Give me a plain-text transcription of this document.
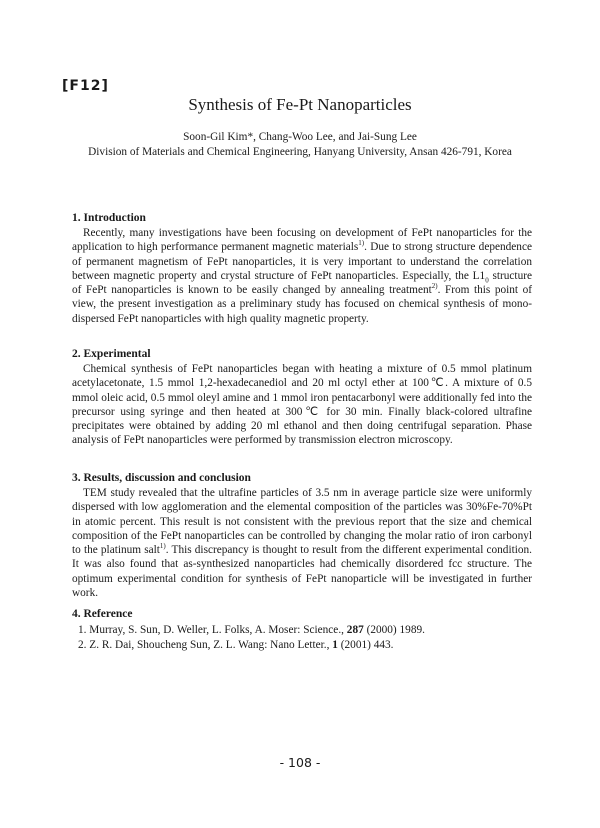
[F12]
Synthesis of Fe-Pt Nanoparticles
Soon-Gil Kim*, Chang-Woo Lee, and Jai-Sung Lee
Division of Materials and Chemical Engineering, Hanyang University, Ansan 426-791, Korea
1. Introduction

Recently, many investigations have been focusing on development of FePt nanoparticles for the application to high performance permanent magnetic materials$^{1)}$. Due to strong structure dependence of permanent magnetism of FePt nanoparticles, it is very important to understand the correlation between magnetic property and crystal structure of FePt nanoparticles. Especially, the $L1_0$ structure of FePt nanoparticles is known to be easily changed by annealing treatment$^{2)}$. From this point of view, the present investigation as a preliminary study has focused on chemical synthesis of mono-dispersed FePt nanoparticles with high quality magnetic property.

2. Experimental

Chemical synthesis of FePt nanoparticles began with heating a mixture of 0.5 mmol platinum acetylacetonate, 1.5 mmol 1,2-hexadecanediol and 20 ml octyl ether at 100℃. A mixture of 0.5 mmol oleic acid, 0.5 mmol oleyl amine and 1 mmol iron pentacarbonyl were additionally fed into the precursor using syringe and then heated at 300℃ for 30 min. Finally black-colored ultrafine precipitates were obtained by adding 20 ml ethanol and then doing centrifugal separation. Phase analysis of FePt nanoparticles were performed by transmission electron microscopy.

3. Results, discussion and conclusion

TEM study revealed that the ultrafine particles of 3.5 nm in average particle size were uniformly dispersed with low agglomeration and the elemental composition of the particles was 30%Fe-70%Pt in atomic percent. This result is not consistent with the previous report that the size and chemical composition of the FePt nanoparticles can be controlled by changing the molar ratio of iron carbonyl to the platinum salt$^{1)}$. This discrepancy is thought to result from the different experimental condition. It was also found that as-synthesized nanoparticles had chemically disordered fcc structure. The optimum experimental condition for synthesis of FePt nanoparticle will be investigated in further work.

4. Reference
1. Murray, S. Sun, D. Weller, L. Folks, A. Moser: Science., 287 (2000) 1989.
2. Z. R. Dai, Shoucheng Sun, Z. L. Wang: Nano Letter., 1 (2001) 443.
- 108 -
